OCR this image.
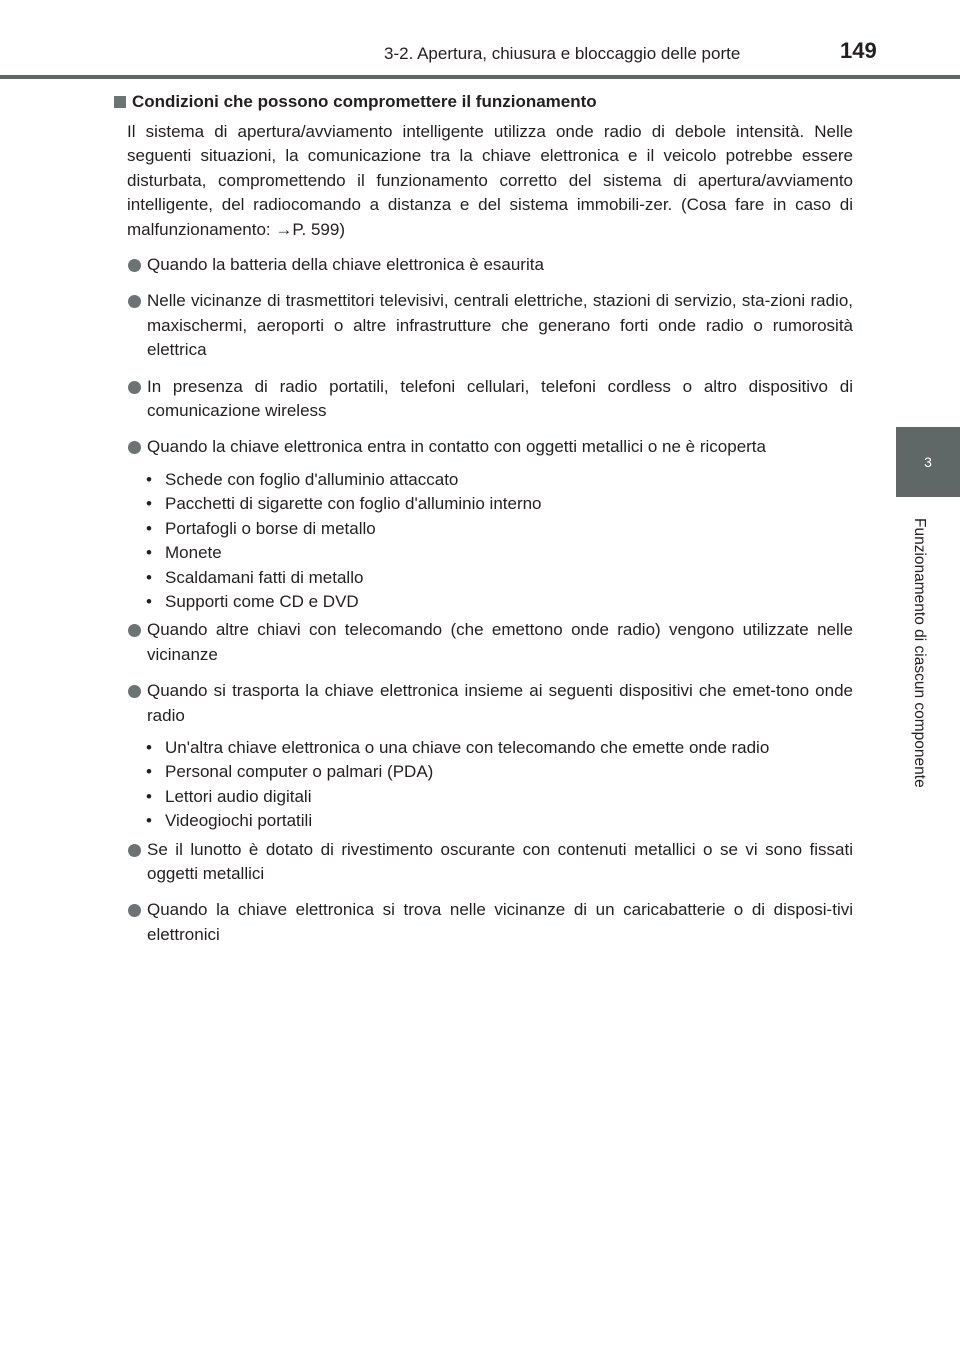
3-2. Apertura, chiusura e bloccaggio delle porte	149
3
Funzionamento di ciascun componente
Condizioni che possono compromettere il funzionamento

Il sistema di apertura/avviamento intelligente utilizza onde radio di debole intensità. Nelle seguenti situazioni, la comunicazione tra la chiave elettronica e il veicolo potrebbe essere disturbata, compromettendo il funzionamento corretto del sistema di apertura/avviamento intelligente, del radiocomando a distanza e del sistema immobili-zer. (Cosa fare in caso di malfunzionamento: →P. 599)

Quando la batteria della chiave elettronica è esaurita
Nelle vicinanze di trasmettitori televisivi, centrali elettriche, stazioni di servizio, sta-zioni radio, maxischermi, aeroporti o altre infrastrutture che generano forti onde radio o rumorosità elettrica
In presenza di radio portatili, telefoni cellulari, telefoni cordless o altro dispositivo di comunicazione wireless
Quando la chiave elettronica entra in contatto con oggetti metallici o ne è ricoperta
• Schede con foglio d'alluminio attaccato
• Pacchetti di sigarette con foglio d'alluminio interno
• Portafogli o borse di metallo
• Monete
• Scaldamani fatti di metallo
• Supporti come CD e DVD
Quando altre chiavi con telecomando (che emettono onde radio) vengono utilizzate nelle vicinanze
Quando si trasporta la chiave elettronica insieme ai seguenti dispositivi che emet-tono onde radio
• Un'altra chiave elettronica o una chiave con telecomando che emette onde radio
• Personal computer o palmari (PDA)
• Lettori audio digitali
• Videogiochi portatili
Se il lunotto è dotato di rivestimento oscurante con contenuti metallici o se vi sono fissati oggetti metallici
Quando la chiave elettronica si trova nelle vicinanze di un caricabatterie o di disposi-tivi elettronici
